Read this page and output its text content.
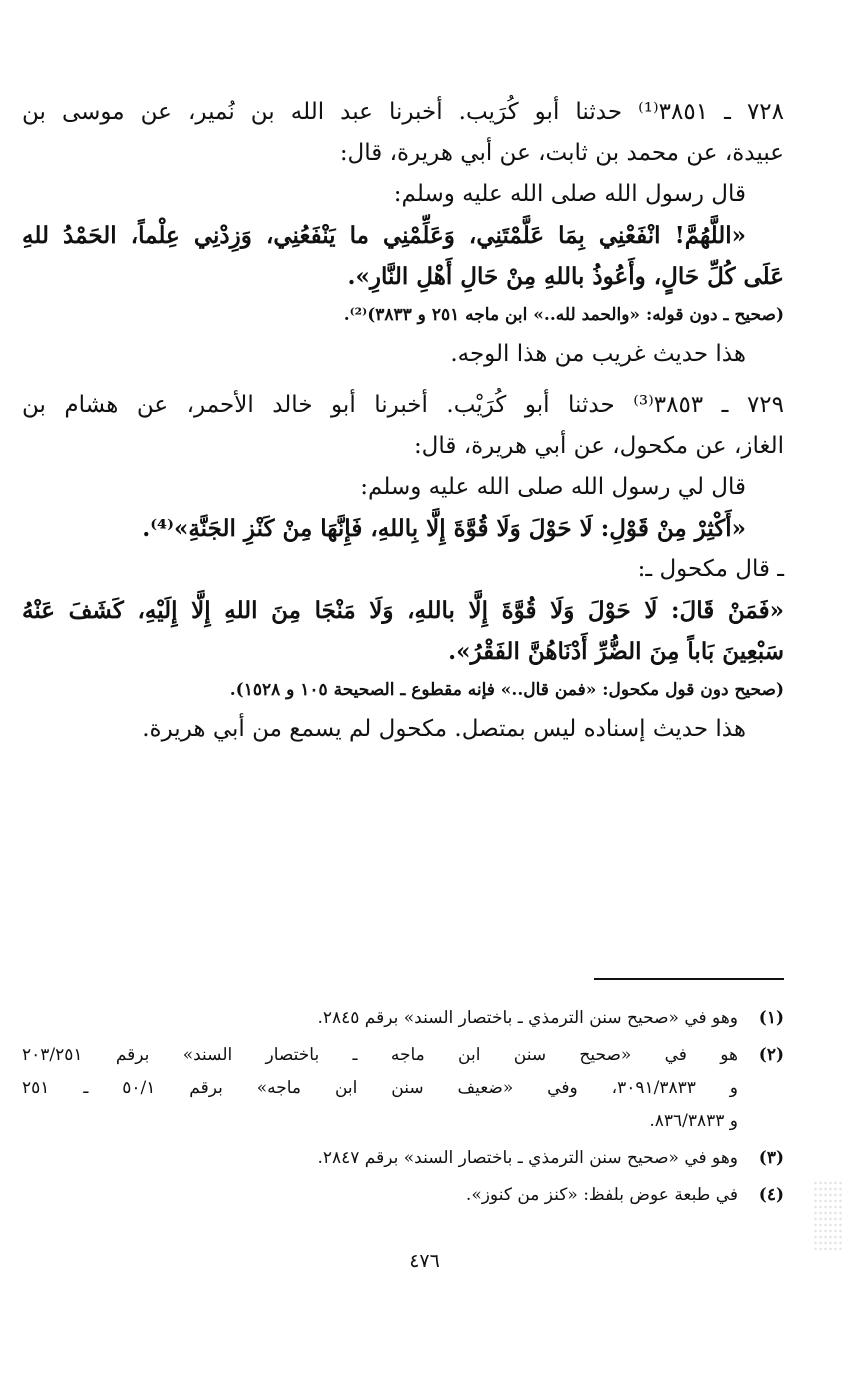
٧٢٨ ـ ٣٨٥١⁽¹⁾ حدثنا أبو كُرَيب. أخبرنا عبد الله بن نُمير، عن موسى بن
عبيدة، عن محمد بن ثابت، عن أبي هريرة، قال:
قال رسول الله صلى الله عليه وسلم:
«اللَّهُمَّ! انْفَعْنِي بِمَا عَلَّمْتَنِي، وَعَلِّمْنِي ما يَنْفَعُنِي، وَزِدْنِي عِلْماً، الحَمْدُ للهِ
عَلَى كُلِّ حَالٍ، وأَعُوذُ باللهِ مِنْ حَالِ أَهْلِ النَّارِ».
(صحيح ـ دون قوله: «والحمد لله..» ابن ماجه ٢٥١ و ٣٨٣٣)⁽²⁾.
هذا حديث غريب من هذا الوجه.
٧٢٩ ـ ٣٨٥٣⁽³⁾ حدثنا أبو كُرَيْب. أخبرنا أبو خالد الأحمر، عن هشام بن
الغاز، عن مكحول، عن أبي هريرة، قال:
قال لي رسول الله صلى الله عليه وسلم:
«أَكْثِرْ مِنْ قَوْلِ: لَا حَوْلَ وَلَا قُوَّةَ إِلَّا بِاللهِ، فَإِنَّهَا مِنْ كَنْزِ الجَنَّةِ»⁽⁴⁾.
ـ قال مكحول ـ:
«فَمَنْ قَالَ: لَا حَوْلَ وَلَا قُوَّةَ إِلَّا باللهِ، وَلَا مَنْجَا مِنَ اللهِ إِلَّا إِلَيْهِ، كَشَفَ عَنْهُ
سَبْعِينَ بَاباً مِنَ الضُّرِّ أَدْنَاهُنَّ الفَقْرُ».
(صحيح دون قول مكحول: «فمن قال..» فإنه مقطوع ـ الصحيحة ١٠٥ و ١٥٢٨).
هذا حديث إسناده ليس بمتصل. مكحول لم يسمع من أبي هريرة.
(١)
وهو في «صحيح سنن الترمذي ـ باختصار السند» برقم ٢٨٤٥.
(٢)
هو في «صحيح سنن ابن ماجه ـ باختصار السند» برقم ٢٠٣/٢٥١
و ٣٠٩١/٣٨٣٣، وفي «ضعيف سنن ابن ماجه» برقم ٥٠/١ ـ ٢٥١
و ٨٣٦/٣٨٣٣.
(٣)
وهو في «صحيح سنن الترمذي ـ باختصار السند» برقم ٢٨٤٧.
(٤)
في طبعة عوض بلفظ: «كنز من كنوز».
٤٧٦
